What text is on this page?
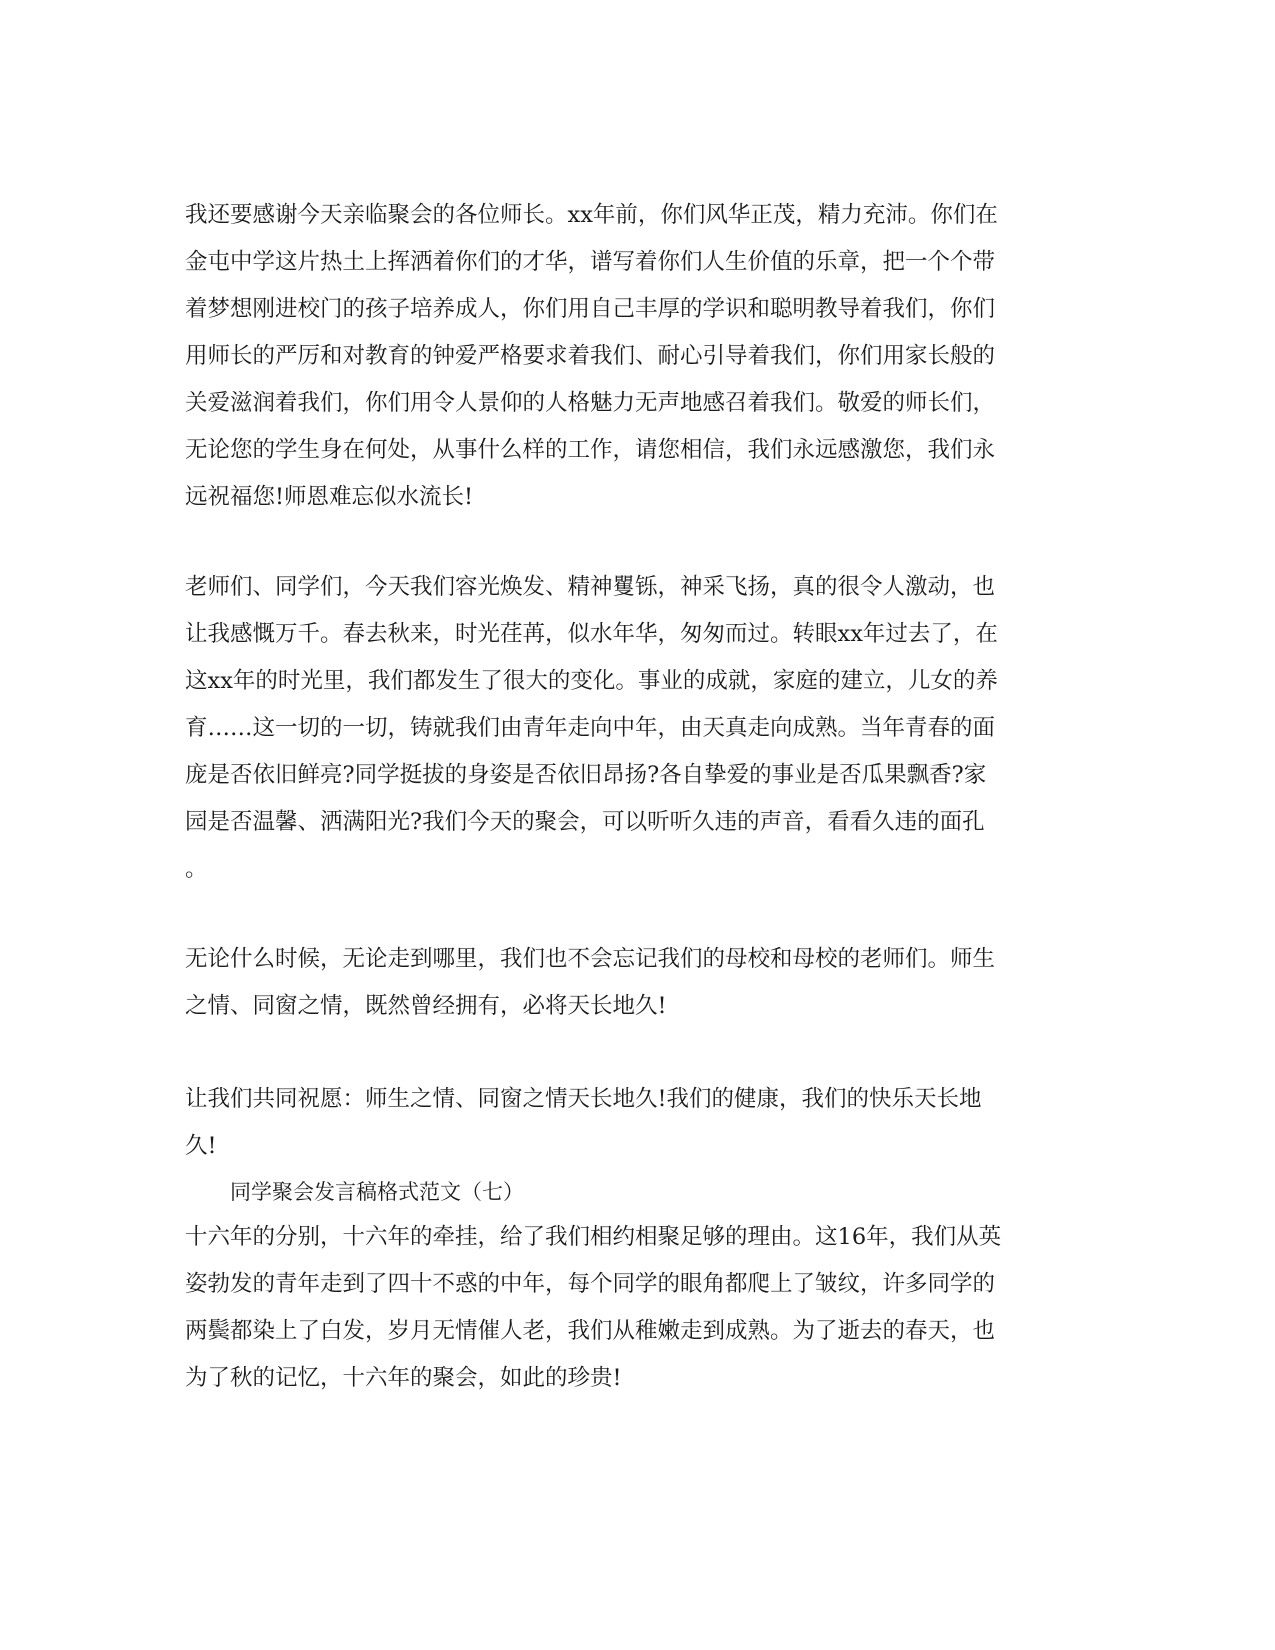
我还要感谢今天亲临聚会的各位师长。xx年前，你们风华正茂，精力充沛。你们在
金屯中学这片热土上挥洒着你们的才华，谱写着你们人生价值的乐章，把一个个带
着梦想刚进校门的孩子培养成人，你们用自己丰厚的学识和聪明教导着我们，你们
用师长的严厉和对教育的钟爱严格要求着我们、耐心引导着我们，你们用家长般的
关爱滋润着我们，你们用令人景仰的人格魅力无声地感召着我们。敬爱的师长们，
无论您的学生身在何处，从事什么样的工作，请您相信，我们永远感激您，我们永
远祝福您!师恩难忘似水流长!
老师们、同学们，今天我们容光焕发、精神矍铄，神采飞扬，真的很令人激动，也
让我感慨万千。春去秋来，时光荏苒，似水年华，匆匆而过。转眼xx年过去了，在
这xx年的时光里，我们都发生了很大的变化。事业的成就，家庭的建立，儿女的养
育……这一切的一切，铸就我们由青年走向中年，由天真走向成熟。当年青春的面
庞是否依旧鲜亮?同学挺拔的身姿是否依旧昂扬?各自挚爱的事业是否瓜果飘香?家
园是否温馨、洒满阳光?我们今天的聚会，可以听听久违的声音，看看久违的面孔
。
无论什么时候，无论走到哪里，我们也不会忘记我们的母校和母校的老师们。师生
之情、同窗之情，既然曾经拥有，必将天长地久!
让我们共同祝愿：师生之情、同窗之情天长地久!我们的健康，我们的快乐天长地
久!
同学聚会发言稿格式范文（七）
十六年的分别，十六年的牵挂，给了我们相约相聚足够的理由。这16年，我们从英
姿勃发的青年走到了四十不惑的中年，每个同学的眼角都爬上了皱纹，许多同学的
两鬓都染上了白发，岁月无情催人老，我们从稚嫩走到成熟。为了逝去的春天，也
为了秋的记忆，十六年的聚会，如此的珍贵!
